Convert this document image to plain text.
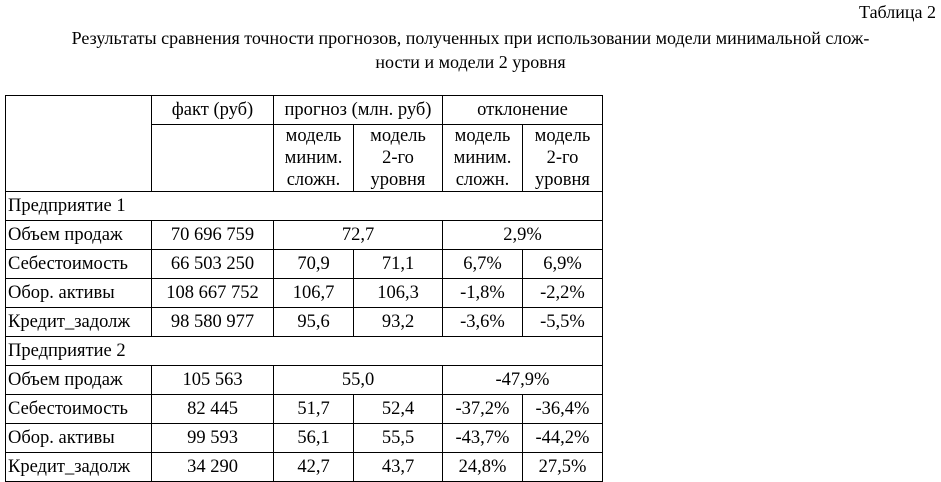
Таблица 2
Результаты сравнения точности прогнозов, полученных при использовании модели минимальной слож-
ности и модели 2 уровня
	факт (руб)	прогноз (млн. руб)		отклонение	

		модель
миним.
сложн.	модель
2-го
уровня	модель
миним.
сложн.	модель
2-го
уровня

Предприятие 1					
Объем продаж	70 696 759	72,7		2,9%	
Себестоимость	66 503 250	70,9	71,1	6,7%	6,9%
Обор. активы	108 667 752	106,7	106,3	-1,8%	-2,2%
Кредит_задолж	98 580 977	95,6	93,2	-3,6%	-5,5%
Предприятие 2					
Объем продаж	105 563	55,0		-47,9%	
Себестоимость	82 445	51,7	52,4	-37,2%	-36,4%
Обор. активы	99 593	56,1	55,5	-43,7%	-44,2%
Кредит_задолж	34 290	42,7	43,7	24,8%	27,5%
